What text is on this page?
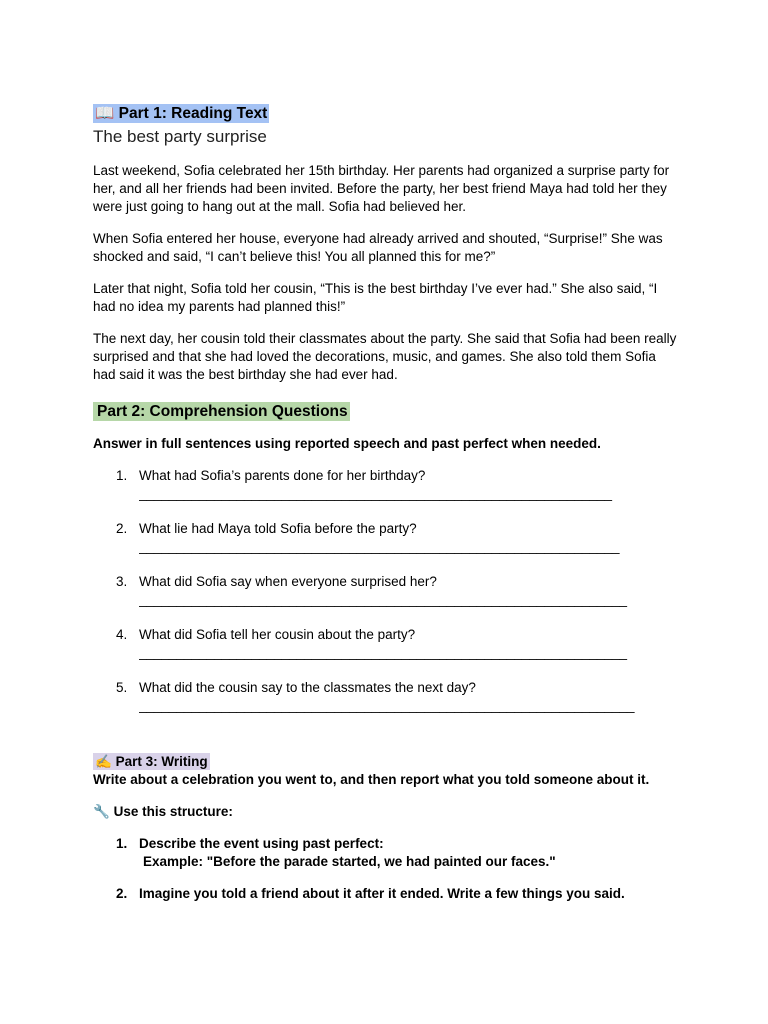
📖 Part 1: Reading Text
The best party surprise

Last weekend, Sofia celebrated her 15th birthday. Her parents had organized a surprise party for her, and all her friends had been invited. Before the party, her best friend Maya had told her they were just going to hang out at the mall. Sofia had believed her.

When Sofia entered her house, everyone had already arrived and shouted, “Surprise!” She was shocked and said, “I can’t believe this! You all planned this for me?”

Later that night, Sofia told her cousin, “This is the best birthday I’ve ever had.” She also said, “I had no idea my parents had planned this!”

The next day, her cousin told their classmates about the party. She said that Sofia had been really surprised and that she had loved the decorations, music, and games. She also told them Sofia had said it was the best birthday she had ever had.

Part 2: Comprehension Questions

Answer in full sentences using reported speech and past perfect when needed.

1. What had Sofia’s parents done for her birthday?
_______________________________________________________________
2. What lie had Maya told Sofia before the party?
________________________________________________________________
3. What did Sofia say when everyone surprised her?
_________________________________________________________________
4. What did Sofia tell her cousin about the party?
_________________________________________________________________
5. What did the cousin say to the classmates the next day?
__________________________________________________________________
✍️ Part 3: Writing

Write about a celebration you went to, and then report what you told someone about it.

🔧 Use this structure:

1. Describe the event using past perfect:
Example: "Before the parade started, we had painted our faces."
2. Imagine you told a friend about it after it ended. Write a few things you said.
